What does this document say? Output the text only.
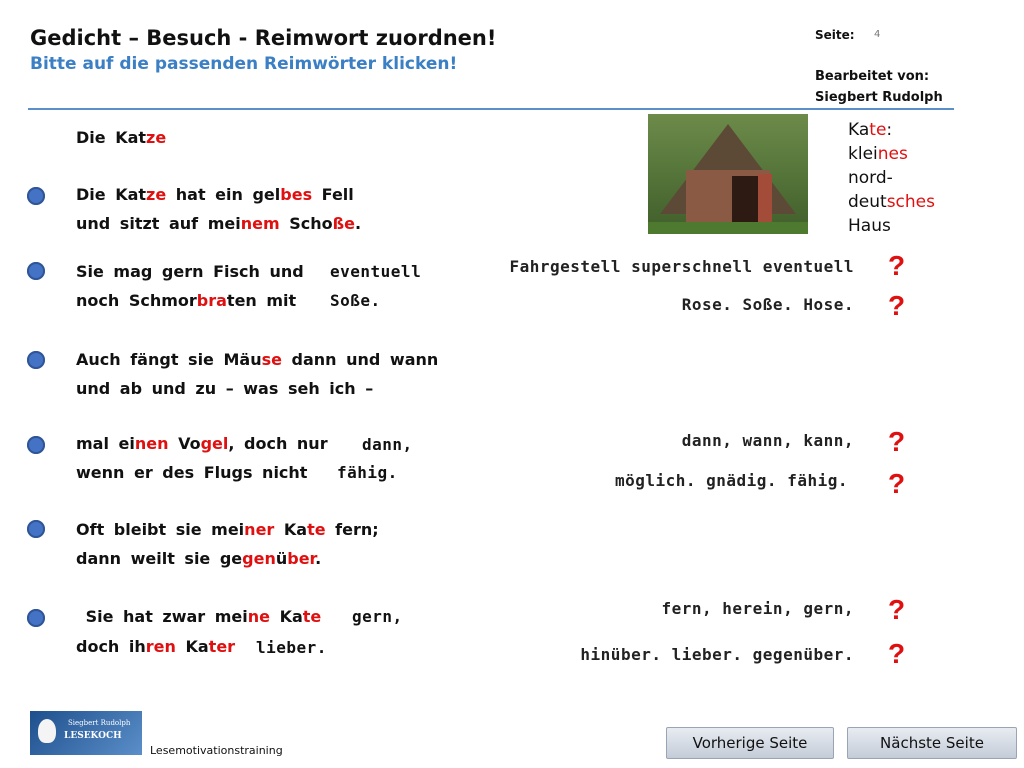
Gedicht – Besuch - Reimwort zuordnen!
Bitte auf die passenden Reimwörter klicken!
Seite: 4
Bearbeitet von:
Siegbert Rudolph
Die Katze
Die Katze hat ein gelbes Fell
und sitzt auf meinem Schoße.
Sie mag gern Fisch und eventuell
noch Schmorbraten mit Soße.
Auch fängt sie Mäuse dann und wann
und ab und zu – was seh ich –
mal einen Vogel, doch nur dann,
wenn er des Flugs nicht fähig.
Oft bleibt sie meiner Kate fern;
dann weilt sie gegenüber.
Sie hat zwar meine Kate gern,
doch ihren Kater lieber.
Kate:
kleines
nord-
deutsches
Haus
Fahrgestell superschnell eventuell ?
Rose. Soße. Hose. ?
dann, wann, kann, ?
möglich. gnädig. fähig. ?
fern, herein, gern, ?
hinüber. lieber. gegenüber. ?
Siegbert Rudolph
LESEKOCH
Lesemotivationstraining	Vorherige Seite	Nächste Seite
